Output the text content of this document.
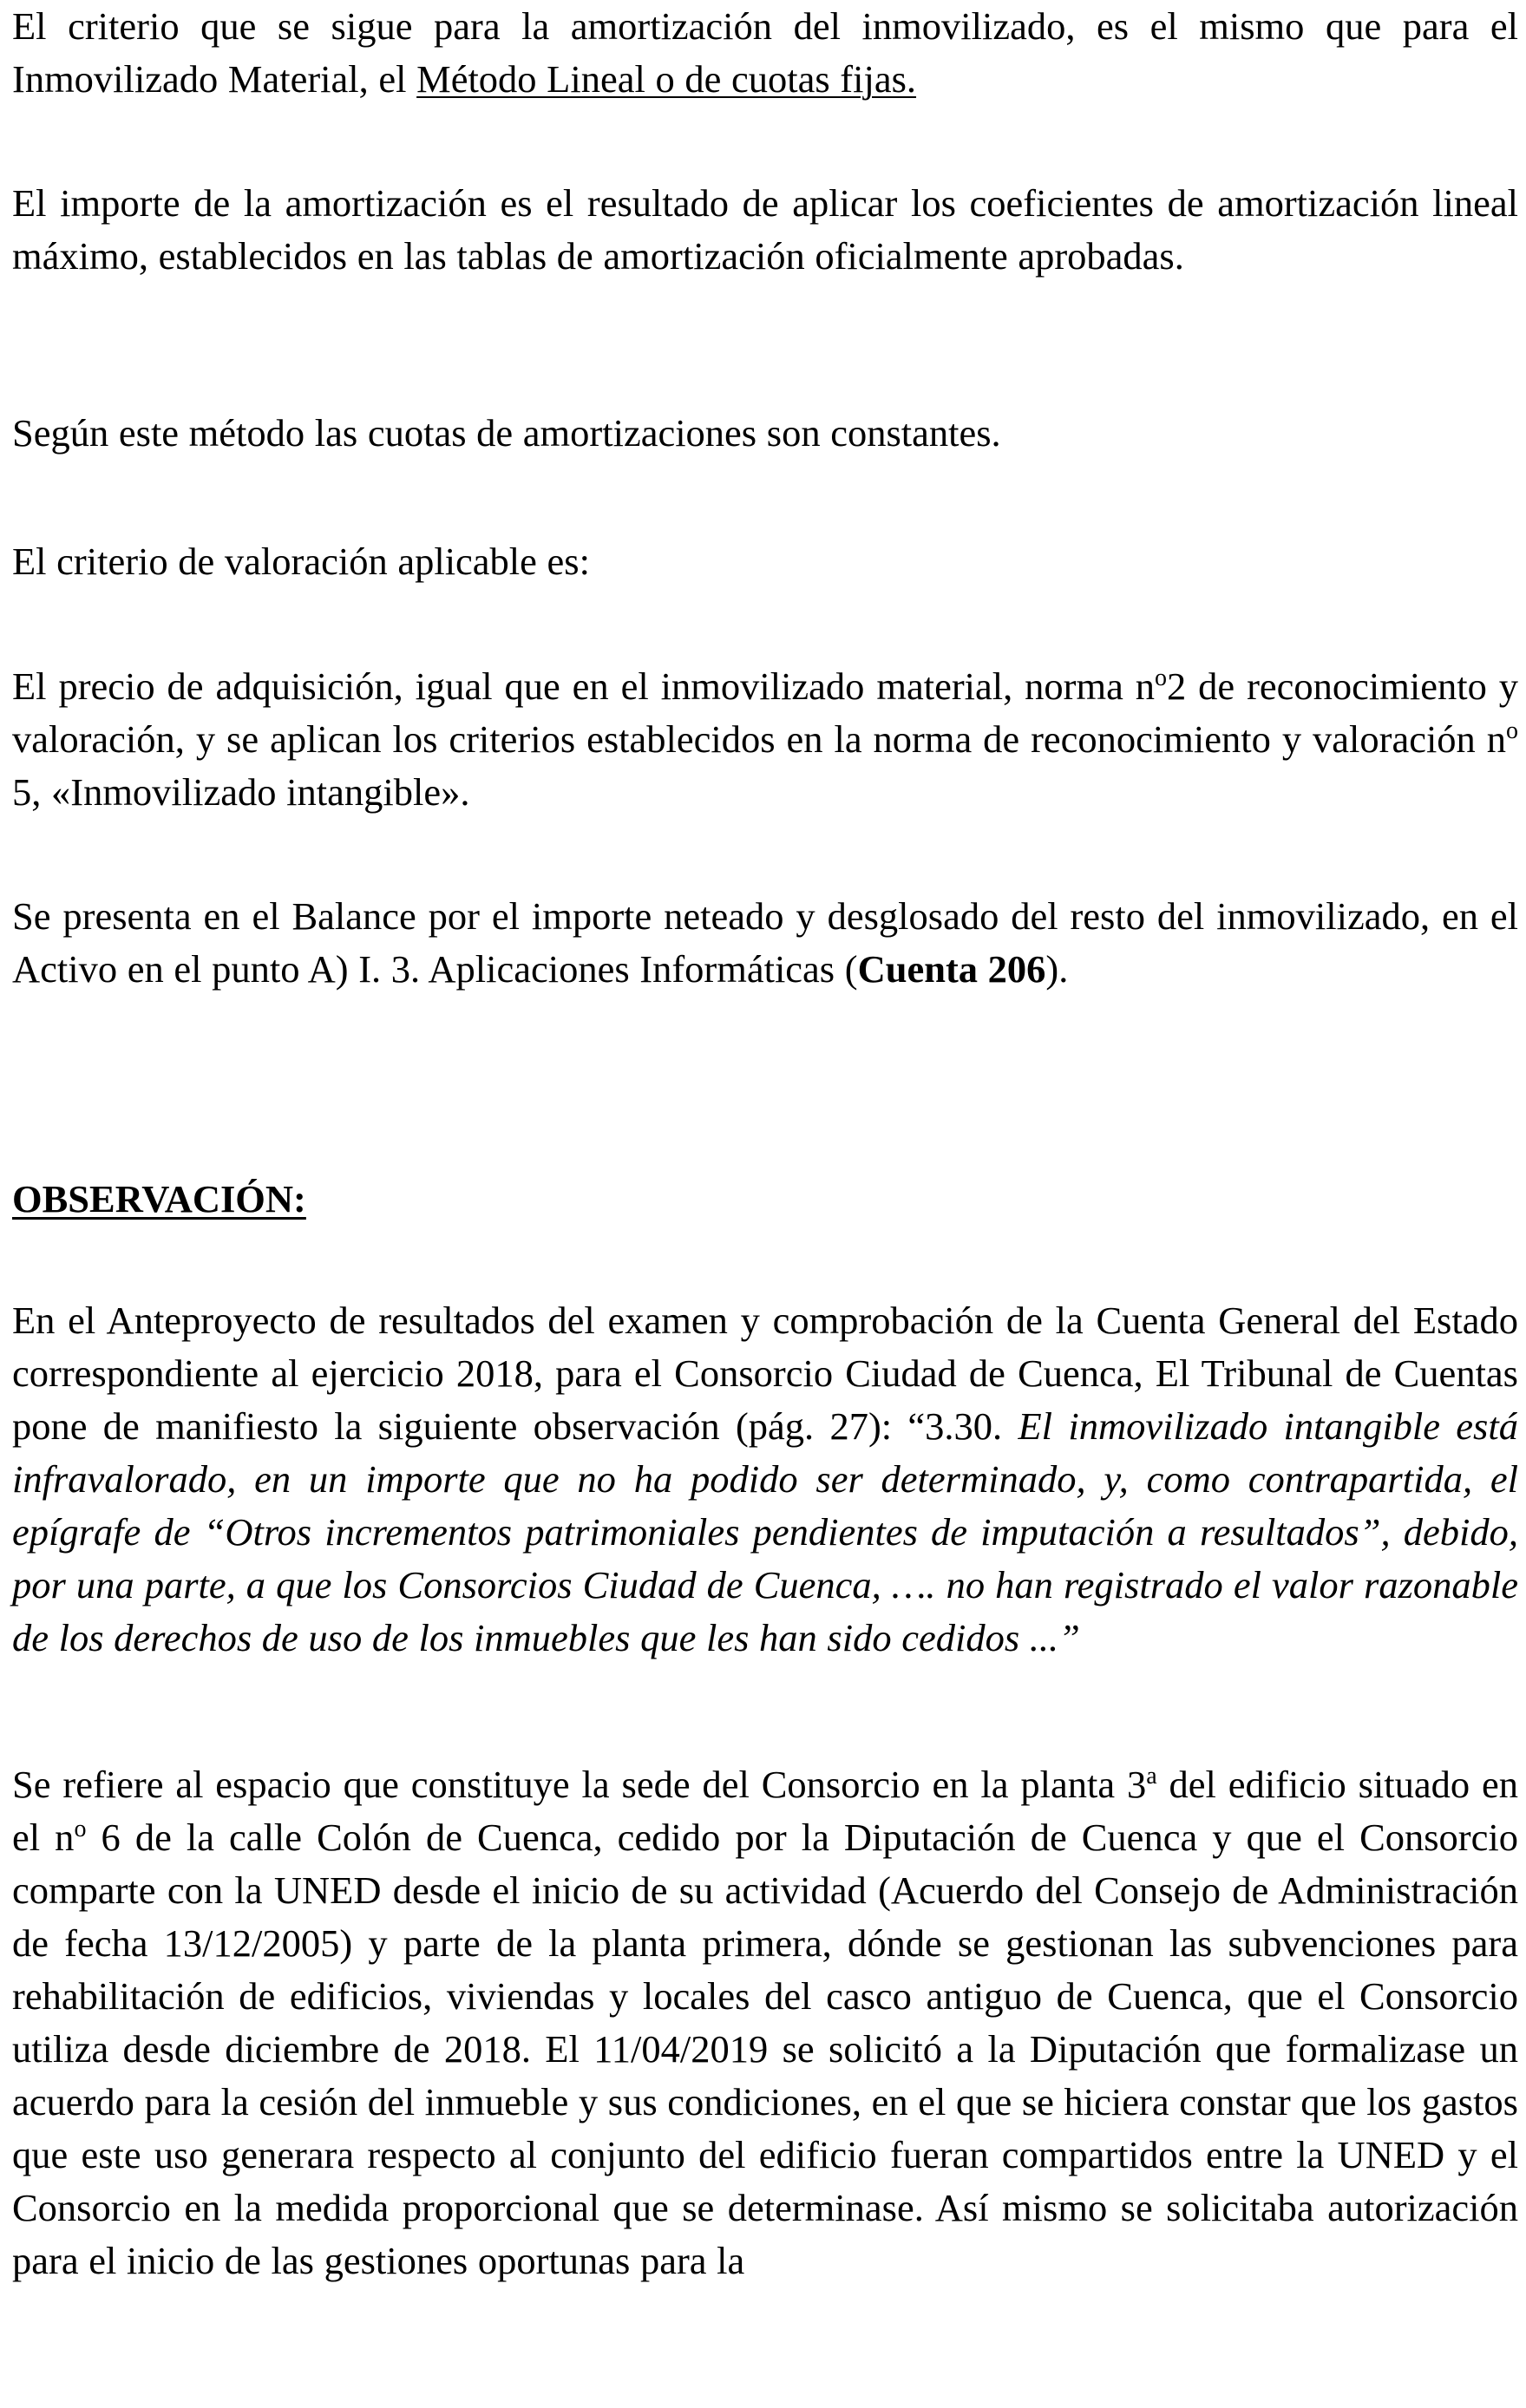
El criterio que se sigue para la amortización del inmovilizado, es el mismo que para el Inmovilizado Material, el Método Lineal o de cuotas fijas.

El importe de la amortización es el resultado de aplicar los coeficientes de amortización lineal máximo, establecidos en las tablas de amortización oficialmente aprobadas.

Según este método las cuotas de amortizaciones son constantes.

El criterio de valoración aplicable es:

El precio de adquisición, igual que en el inmovilizado material, norma $n^o2$ de reconocimiento y valoración, y se aplican los criterios establecidos en la norma de reconocimiento y valoración $n^o$ 5, «Inmovilizado intangible».

Se presenta en el Balance por el importe neteado y desglosado del resto del inmovilizado, en el Activo en el punto A) I. 3. Aplicaciones Informáticas (Cuenta 206).

OBSERVACIÓN:

En el Anteproyecto de resultados del examen y comprobación de la Cuenta General del Estado correspondiente al ejercicio 2018, para el Consorcio Ciudad de Cuenca, El Tribunal de Cuentas pone de manifiesto la siguiente observación (pág. 27): “3.30. El inmovilizado intangible está infravalorado, en un importe que no ha podido ser determinado, y, como contrapartida, el epígrafe de “Otros incrementos patrimoniales pendientes de imputación a resultados”, debido, por una parte, a que los Consorcios Ciudad de Cuenca, …. no han registrado el valor razonable de los derechos de uso de los inmuebles que les han sido cedidos ...”

Se refiere al espacio que constituye la sede del Consorcio en la planta 3$^a$ del edificio situado en el $n^o$ 6 de la calle Colón de Cuenca, cedido por la Diputación de Cuenca y que el Consorcio comparte con la UNED desde el inicio de su actividad (Acuerdo del Consejo de Administración de fecha 13/12/2005) y parte de la planta primera, dónde se gestionan las subvenciones para rehabilitación de edificios, viviendas y locales del casco antiguo de Cuenca, que el Consorcio utiliza desde diciembre de 2018. El 11/04/2019 se solicitó a la Diputación que formalizase un acuerdo para la cesión del inmueble y sus condiciones, en el que se hiciera constar que los gastos que este uso generara respecto al conjunto del edificio fueran compartidos entre la UNED y el Consorcio en la medida proporcional que se determinase. Así mismo se solicitaba autorización para el inicio de las gestiones oportunas para la
